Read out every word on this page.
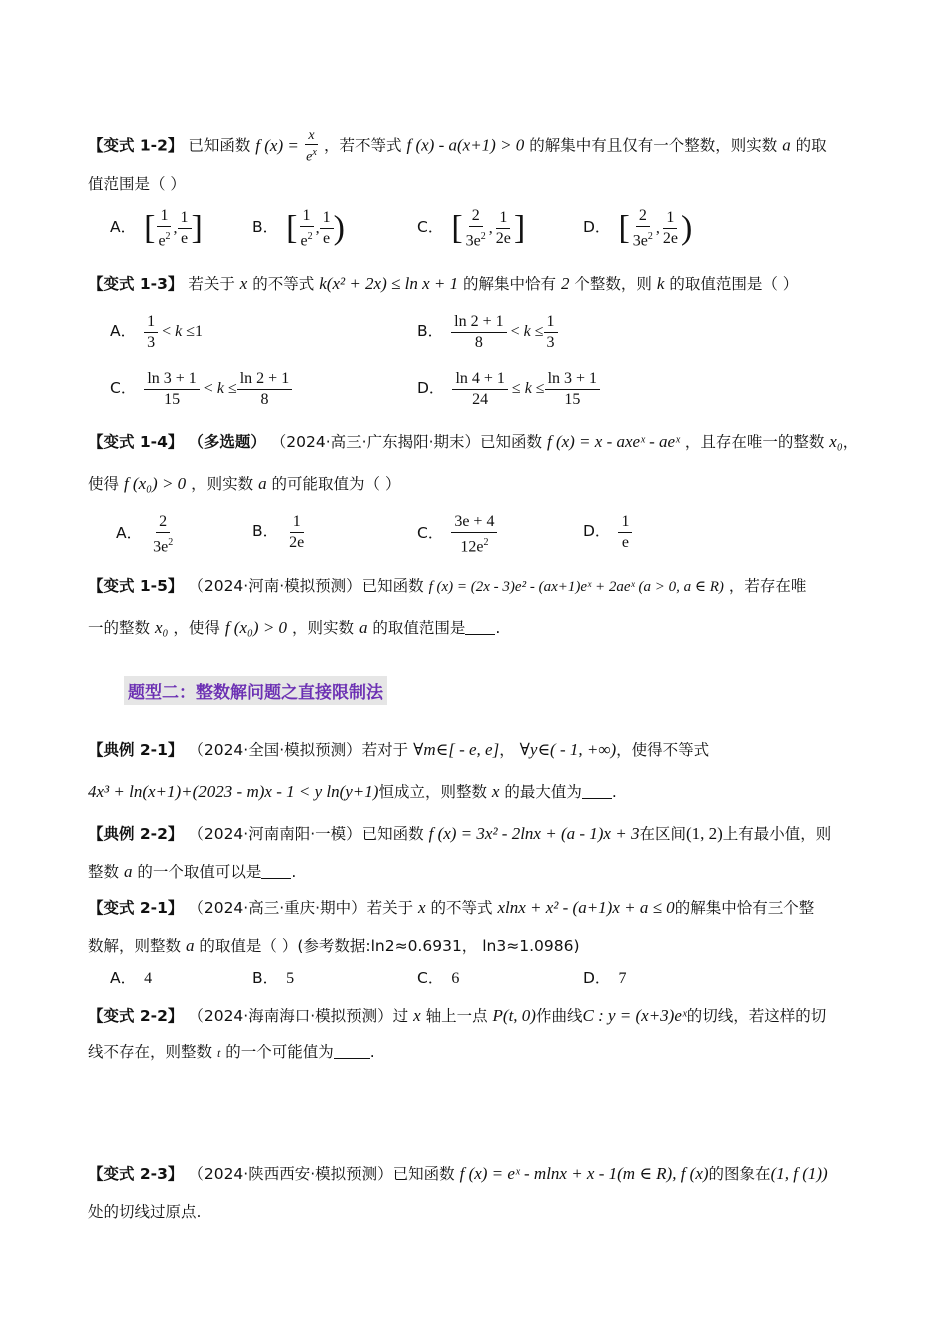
【变式 1-2】 已知函数 f $(x) = \frac{x}{e^x}$ ，若不等式 f (x) - a(x+1) > 0 的解集中有且仅有一个整数，则实数 a 的取
值范围是（ ）
A． [ $\frac{1}{e^2}$ , $\frac{1}{e}$ ]	B． [ $\frac{1}{e^2}$ , $\frac{1}{e}$ )	C． [ $\frac{2}{3e^2}$ , $\frac{1}{2e}$ ]	D． [ $\frac{2}{3e^2}$ , $\frac{1}{2e}$ )
【变式 1-3】 若关于 x 的不等式 k(x² + 2x) ≤ ln x + 1 的解集中恰有 2 个整数，则 k 的取值范围是（ ）
A． $\frac{1}{3} < k \le 1$	B． $\frac{\ln 2 + 1}{8} < k \le \frac{1}{3}$
C． $\frac{\ln 3 + 1}{15} < k \le \frac{\ln 2 + 1}{8}$	D． $\frac{\ln 4 + 1}{24} \le k \le \frac{\ln 3 + 1}{15}$
【变式 1-4】 （多选题） （2024·高三·广东揭阳·期末）已知函数 f (x) = x - axeˣ - aeˣ ，且存在唯一的整数 x₀，
使得 f (x₀) > 0 ，则实数 a 的可能取值为（ ）
A． $\frac{2}{3e^2}$	B． $\frac{1}{2e}$	C． $\frac{3e + 4}{12e^2}$	D． $\frac{1}{e}$
【变式 1-5】 （2024·河南·模拟预测）已知函数 f (x) = (2x - 3)e² - (ax+1)eˣ + 2aeˣ (a > 0, a ∈ R) ，若存在唯
一的整数 x₀ ，使得 f (x₀) > 0 ，则实数 a 的取值范围是 .
题型二：整数解问题之直接限制法
【典例 2-1】 （2024·全国·模拟预测）若对于 ∀m∈[ - e, e]， ∀y∈( - 1, +∞)，使得不等式
4x³ + ln(x+1)+(2023 - m)x - 1 < y ln(y+1)恒成立，则整数 x 的最大值为 .
【典例 2-2】 （2024·河南南阳·一模）已知函数 f (x) = 3x² - 2lnx + (a - 1)x + 3在区间(1, 2)上有最小值，则
整数 a 的一个取值可以是 .
【变式 2-1】 （2024·高三·重庆·期中）若关于 x 的不等式 xlnx + x² - (a+1)x + a ≤ 0的解集中恰有三个整
数解，则整数 a 的取值是（ ）(参考数据:ln2≈0.6931， ln3≈1.0986)
A． 4	B． 5	C． 6	D． 7
【变式 2-2】 （2024·海南海口·模拟预测）过 x 轴上一点 P(t, 0)作曲线C : y = (x+3)eˣ的切线，若这样的切
线不存在，则整数 t 的一个可能值为 .
【变式 2-3】 （2024·陕西西安·模拟预测）已知函数 f (x) = eˣ - mlnx + x - 1(m ∈ R), f (x)的图象在(1, f (1))
处的切线过原点.
